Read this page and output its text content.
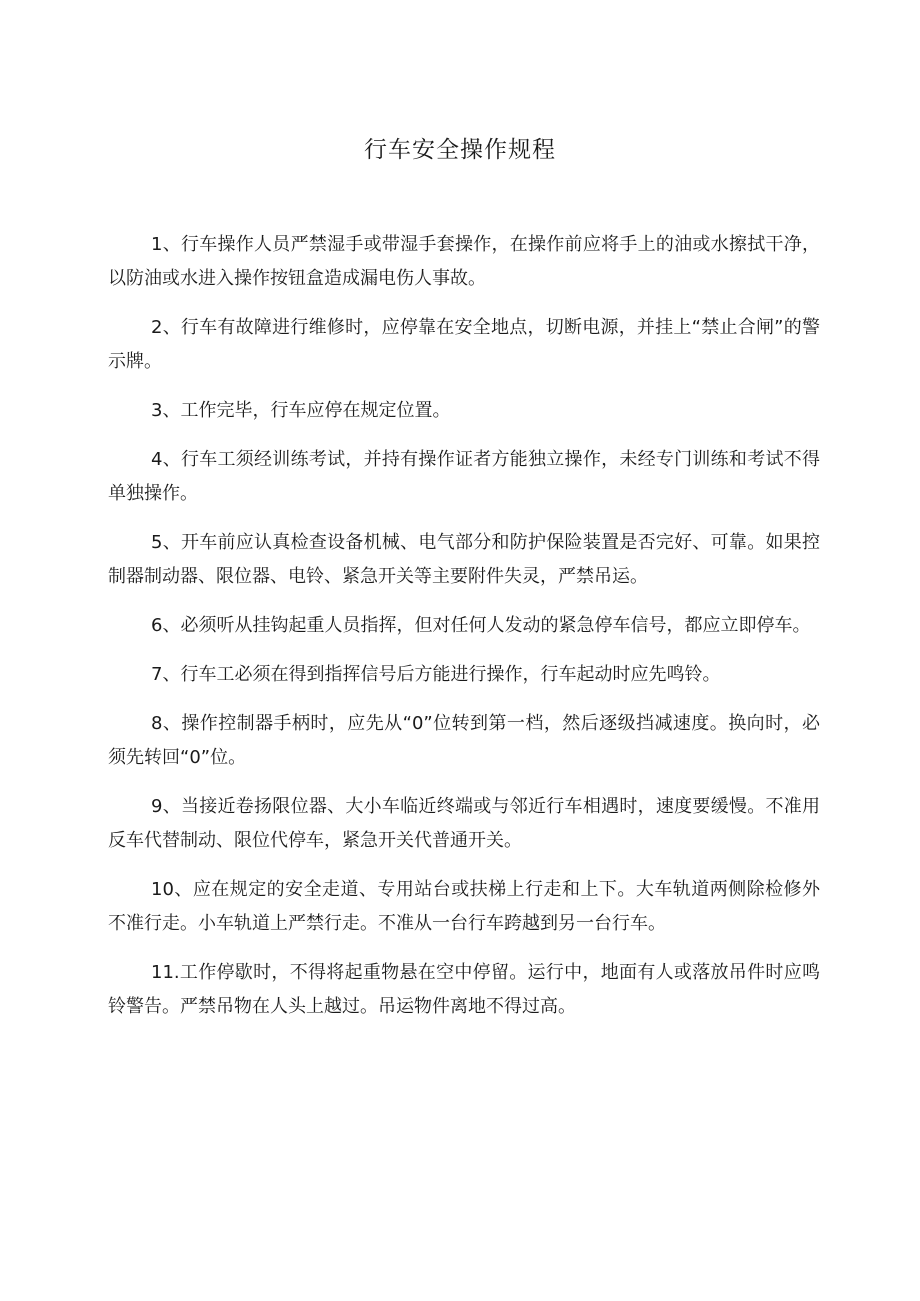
行车安全操作规程

1、行车操作人员严禁湿手或带湿手套操作，在操作前应将手上的油或水擦拭干净，以防油或水进入操作按钮盒造成漏电伤人事故。

2、行车有故障进行维修时，应停靠在安全地点，切断电源，并挂上“禁止合闸”的警示牌。

3、工作完毕，行车应停在规定位置。

4、行车工须经训练考试，并持有操作证者方能独立操作，未经专门训练和考试不得单独操作。

5、开车前应认真检查设备机械、电气部分和防护保险装置是否完好、可靠。如果控制器制动器、限位器、电铃、紧急开关等主要附件失灵，严禁吊运。

6、必须听从挂钩起重人员指挥，但对任何人发动的紧急停车信号，都应立即停车。

7、行车工必须在得到指挥信号后方能进行操作，行车起动时应先鸣铃。

8、操作控制器手柄时，应先从“0”位转到第一档，然后逐级挡减速度。换向时，必须先转回“0”位。

9、当接近卷扬限位器、大小车临近终端或与邻近行车相遇时，速度要缓慢。不准用反车代替制动、限位代停车，紧急开关代普通开关。

10、应在规定的安全走道、专用站台或扶梯上行走和上下。大车轨道两侧除检修外不准行走。小车轨道上严禁行走。不准从一台行车跨越到另一台行车。

11.工作停歇时，不得将起重物悬在空中停留。运行中，地面有人或落放吊件时应鸣铃警告。严禁吊物在人头上越过。吊运物件离地不得过高。
